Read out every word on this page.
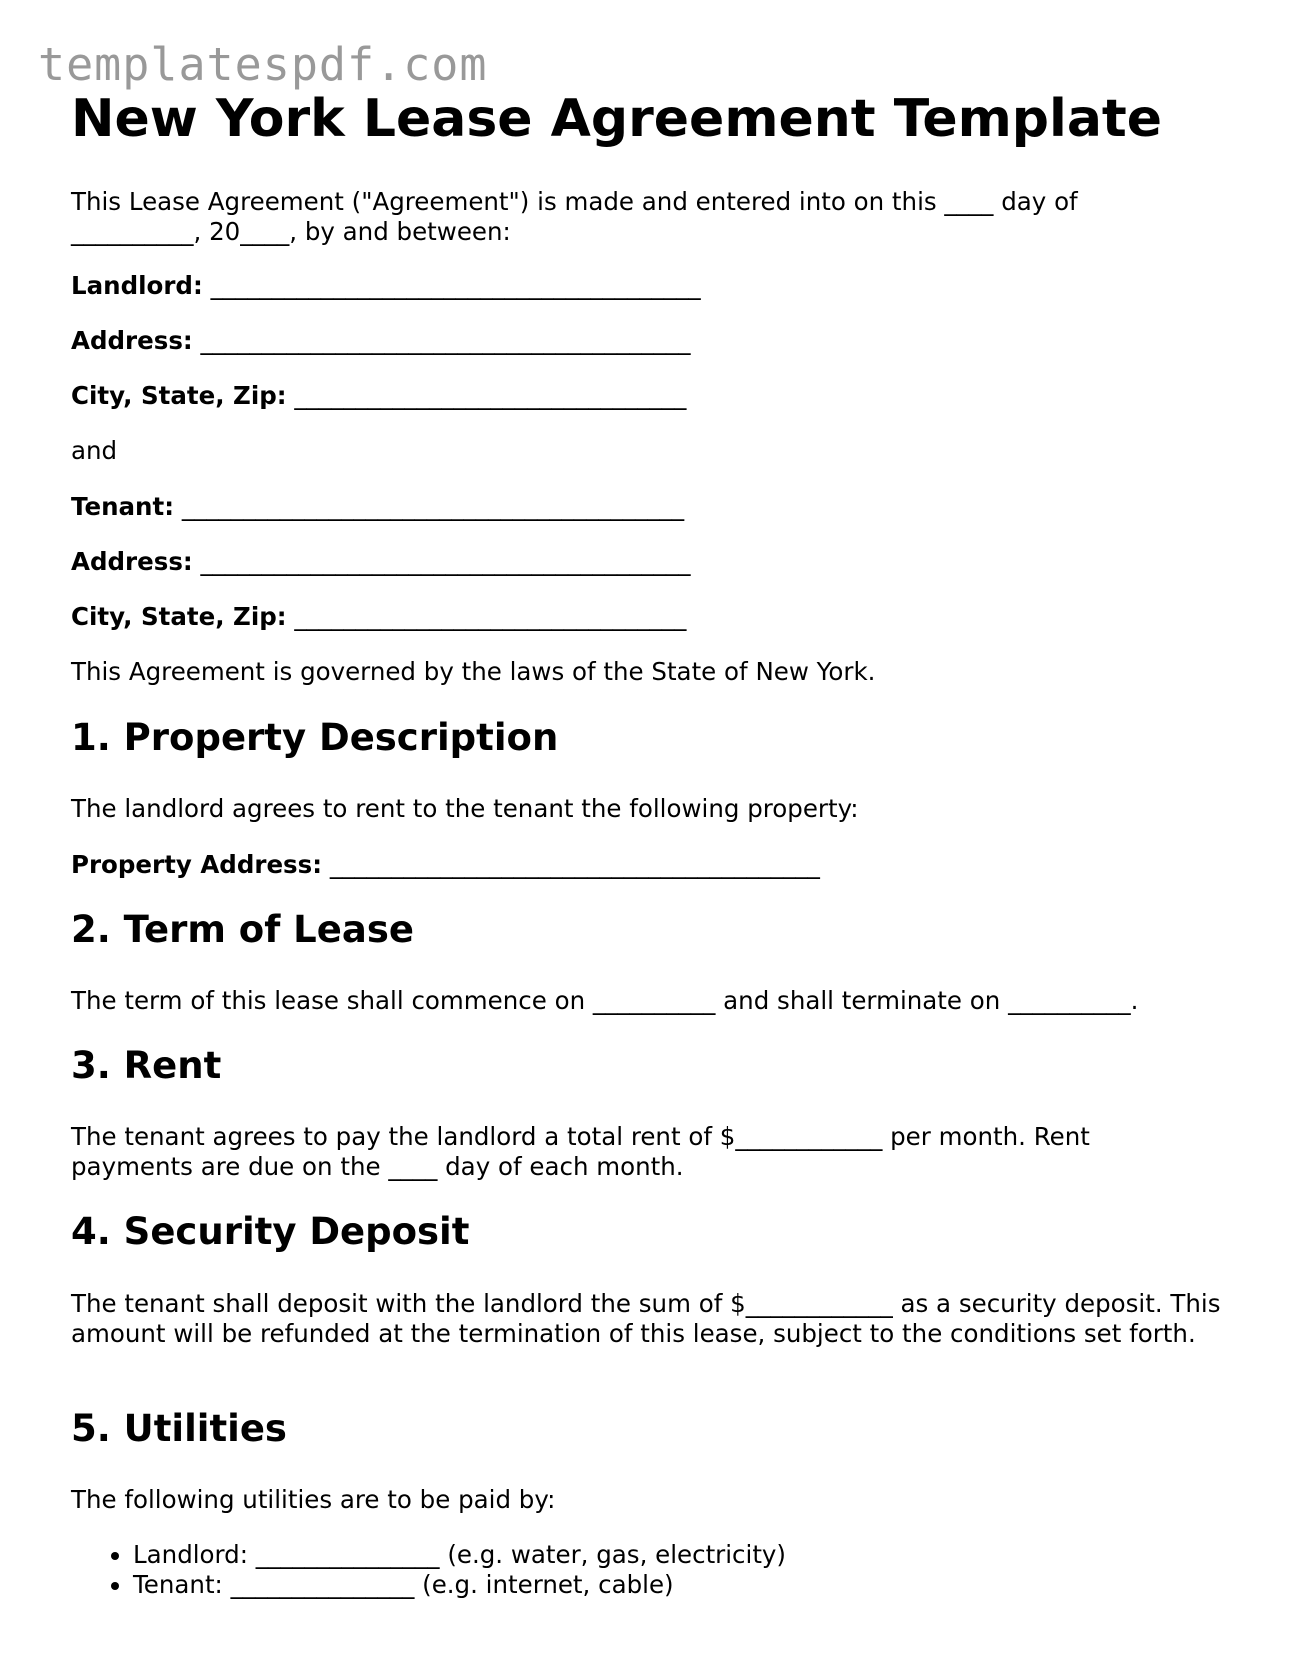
templatespdf.com
New York Lease Agreement Template

This Lease Agreement ("Agreement") is made and entered into on this ____ day of __________, 20____, by and between:

Landlord: ________________________________________
Address: ________________________________________
City, State, Zip: ________________________________
and
Tenant: _________________________________________
Address: ________________________________________
City, State, Zip: ________________________________
This Agreement is governed by the laws of the State of New York.
1. Property Description
The landlord agrees to rent to the tenant the following property:
Property Address: ________________________________________
2. Term of Lease
The term of this lease shall commence on __________ and shall terminate on __________.
3. Rent

The tenant agrees to pay the landlord a total rent of $____________ per month. Rent payments are due on the ____ day of each month.

4. Security Deposit

The tenant shall deposit with the landlord the sum of $____________ as a security deposit. This amount will be refunded at the termination of this lease, subject to the conditions set forth.

5. Utilities
The following utilities are to be paid by:
• Landlord: _______________ (e.g. water, gas, electricity)
• Tenant: _______________ (e.g. internet, cable)
